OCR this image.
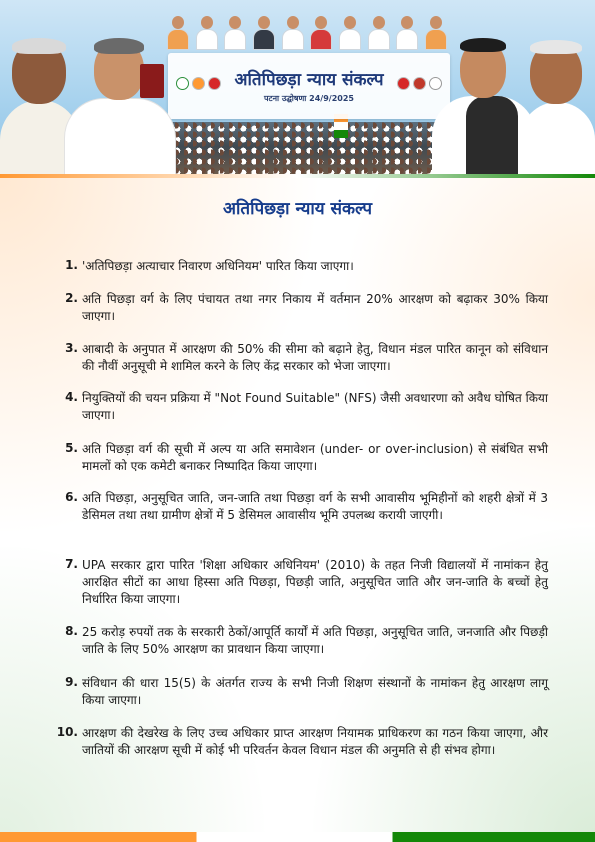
अतिपिछड़ा न्याय संकल्प
पटना उद्घोषणा 24/9/2025
अतिपिछड़ा न्याय संकल्प
1. 'अतिपिछड़ा अत्याचार निवारण अधिनियम' पारित किया जाएगा।
2. अति पिछड़ा वर्ग के लिए पंचायत तथा नगर निकाय में वर्तमान 20% आरक्षण को बढ़ाकर 30% किया जाएगा।
3. आबादी के अनुपात में आरक्षण की 50% की सीमा को बढ़ाने हेतु, विधान मंडल पारित कानून को संविधान की नौवीं अनुसूची मे शामिल करने के लिए केंद्र सरकार को भेजा जाएगा।
4. नियुक्तियों की चयन प्रक्रिया में "Not Found Suitable" (NFS) जैसी अवधारणा को अवैध घोषित किया जाएगा।
5. अति पिछड़ा वर्ग की सूची में अल्प या अति समावेशन (under- or over-inclusion) से संबंधित सभी मामलों को एक कमेटी बनाकर निष्पादित किया जाएगा।
6. अति पिछड़ा, अनुसूचित जाति, जन-जाति तथा पिछड़ा वर्ग के सभी आवासीय भूमिहीनों को शहरी क्षेत्रों में 3 डेसिमल तथा तथा ग्रामीण क्षेत्रों में 5 डेसिमल आवासीय भूमि उपलब्ध करायी जाएगी।
7. UPA सरकार द्वारा पारित 'शिक्षा अधिकार अधिनियम' (2010) के तहत निजी विद्यालयों में नामांकन हेतु आरक्षित सीटों का आधा हिस्सा अति पिछड़ा, पिछड़ी जाति, अनुसूचित जाति और जन-जाति के बच्चों हेतु निर्धारित किया जाएगा।
8. 25 करोड़ रुपयों तक के सरकारी ठेकों/आपूर्ति कार्यों में अति पिछड़ा, अनुसूचित जाति, जनजाति और पिछड़ी जाति के लिए 50% आरक्षण का प्रावधान किया जाएगा।
9. संविधान की धारा 15(5) के अंतर्गत राज्य के सभी निजी शिक्षण संस्थानों के नामांकन हेतु आरक्षण लागू किया जाएगा।
10. आरक्षण की देखरेख के लिए उच्च अधिकार प्राप्त आरक्षण नियामक प्राधिकरण का गठन किया जाएगा, और जातियों की आरक्षण सूची में कोई भी परिवर्तन केवल विधान मंडल की अनुमति से ही संभव होगा।
